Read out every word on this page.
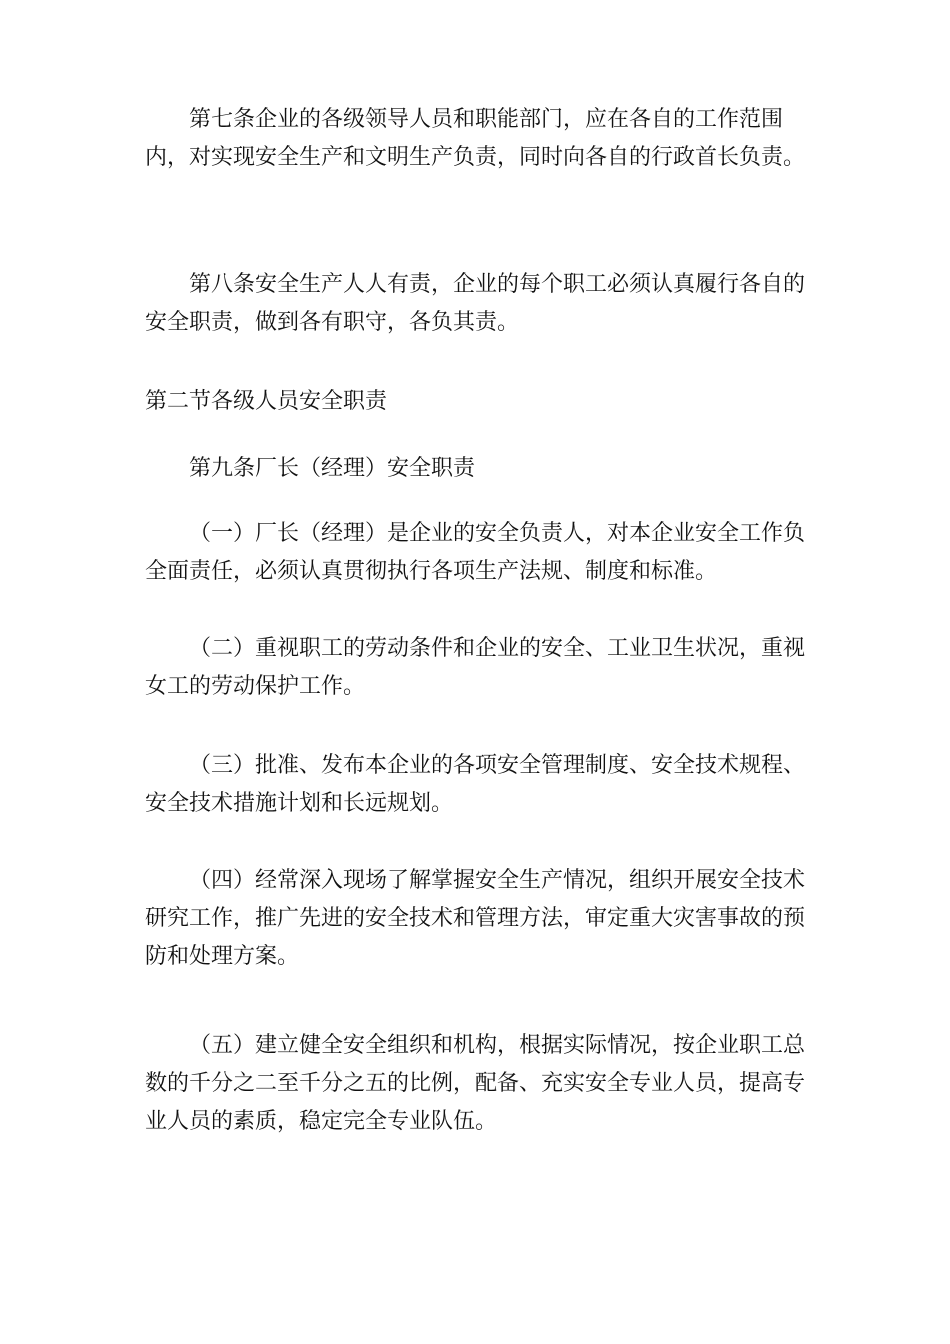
第七条企业的各级领导人员和职能部门，应在各自的工作范围内，对实现安全生产和文明生产负责，同时向各自的行政首长负责。

第八条安全生产人人有责，企业的每个职工必须认真履行各自的安全职责，做到各有职守，各负其责。

第二节各级人员安全职责

第九条厂长（经理）安全职责

（一）厂长（经理）是企业的安全负责人，对本企业安全工作负全面责任，必须认真贯彻执行各项生产法规、制度和标准。

（二）重视职工的劳动条件和企业的安全、工业卫生状况，重视女工的劳动保护工作。

（三）批准、发布本企业的各项安全管理制度、安全技术规程、安全技术措施计划和长远规划。

（四）经常深入现场了解掌握安全生产情况，组织开展安全技术研究工作，推广先进的安全技术和管理方法，审定重大灾害事故的预防和处理方案。

（五）建立健全安全组织和机构，根据实际情况，按企业职工总数的千分之二至千分之五的比例，配备、充实安全专业人员，提高专业人员的素质，稳定完全专业队伍。
